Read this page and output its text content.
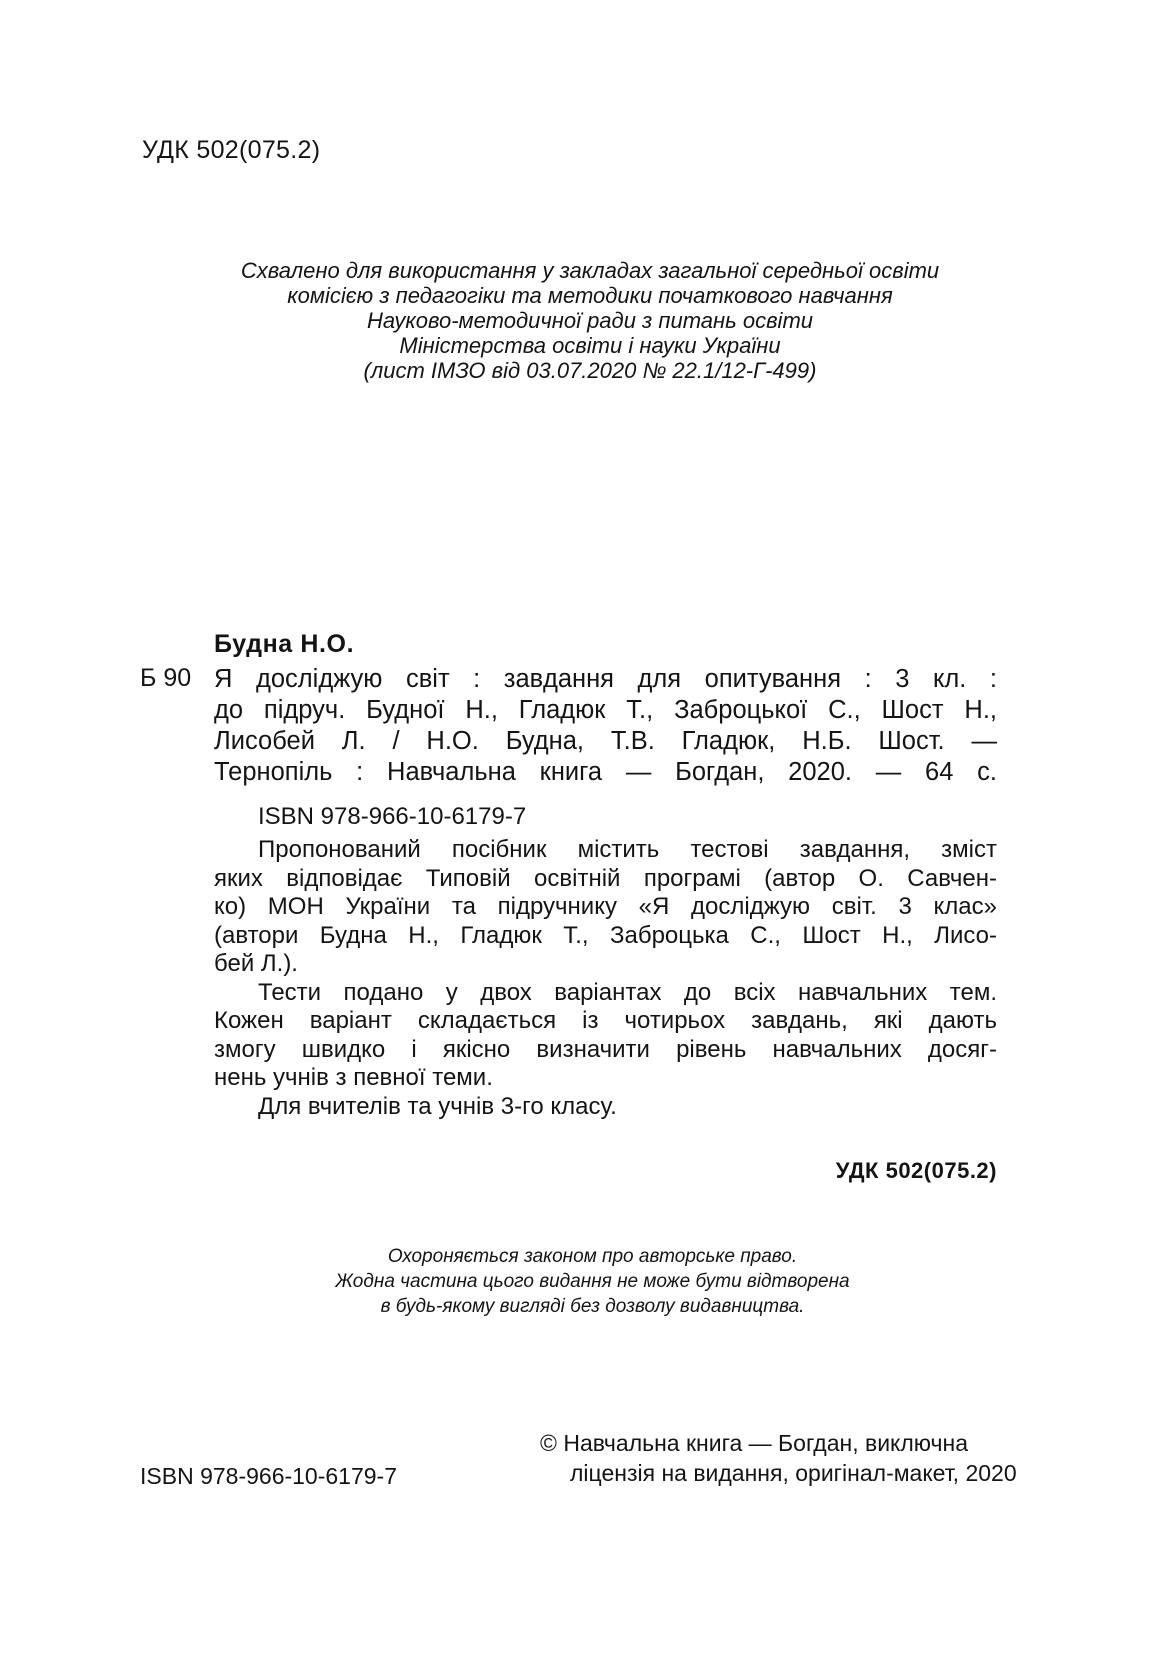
УДК 502(075.2)
Схвалено для використання у закладах загальної середньої освіти
комісією з педагогіки та методики початкового навчання
Науково-методичної ради з питань освіти
Міністерства освіти і науки України
(лист ІМЗО від 03.07.2020 № 22.1/12-Г-499)
Будна Н.О.
Б 90 Я досліджую світ : завдання для опитування : 3 кл. :
до підруч. Будної Н., Гладюк Т., Заброцької С., Шост Н.,
Лисобей Л. / Н.О. Будна, Т.В. Гладюк, Н.Б. Шост. —
Тернопіль : Навчальна книга — Богдан, 2020. — 64 с.
ISBN 978-966-10-6179-7
Пропонований посібник містить тестові завдання, зміст
яких відповідає Типовій освітній програмі (автор О. Савчен-
ко) МОН України та підручнику «Я досліджую світ. 3 клас»
(автори Будна Н., Гладюк Т., Заброцька С., Шост Н., Лисо-
бей Л.).
Тести подано у двох варіантах до всіх навчальних тем.
Кожен варіант складається із чотирьох завдань, які дають
змогу швидко і якісно визначити рівень навчальних досяг-
нень учнів з певної теми.
Для вчителів та учнів 3-го класу.
УДК 502(075.2)
Охороняється законом про авторське право.
Жодна частина цього видання не може бути відтворена
в будь-якому вигляді без дозволу видавництва.
ISBN 978-966-10-6179-7
© Навчальна книга — Богдан, виключна
ліцензія на видання, оригінал-макет, 2020
